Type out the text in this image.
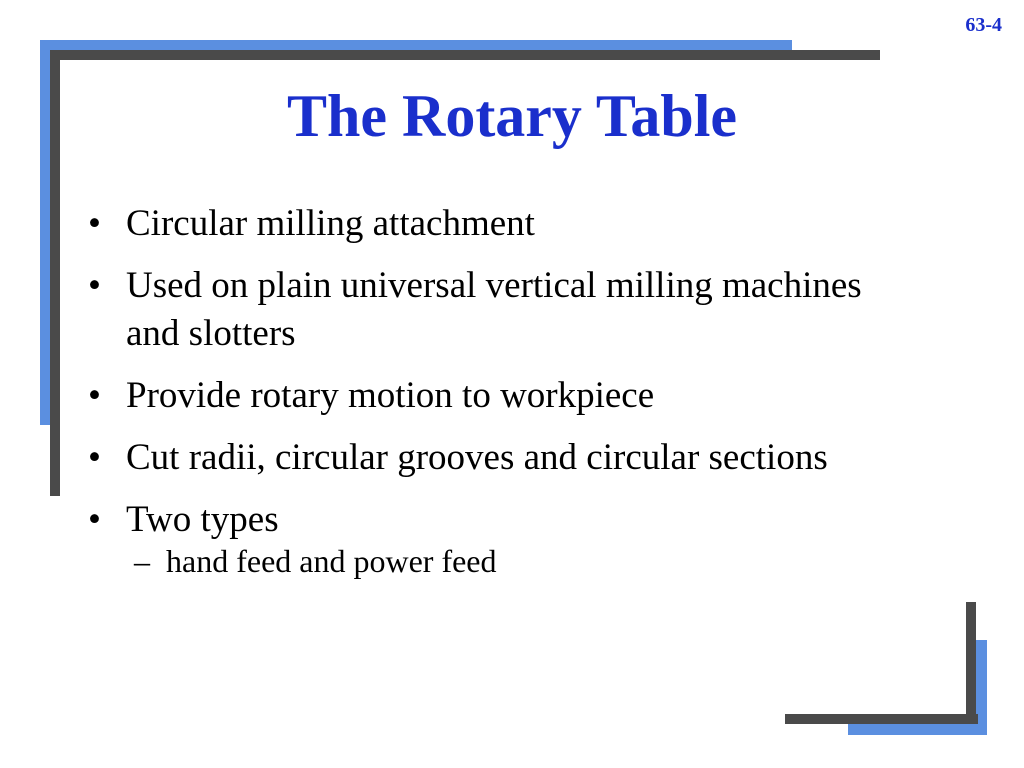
63-4
The Rotary Table
• Circular milling attachment
• Used on plain universal vertical milling machines and slotters
• Provide rotary motion to workpiece
• Cut radii, circular grooves and circular sections
• Two types
– hand feed and power feed
